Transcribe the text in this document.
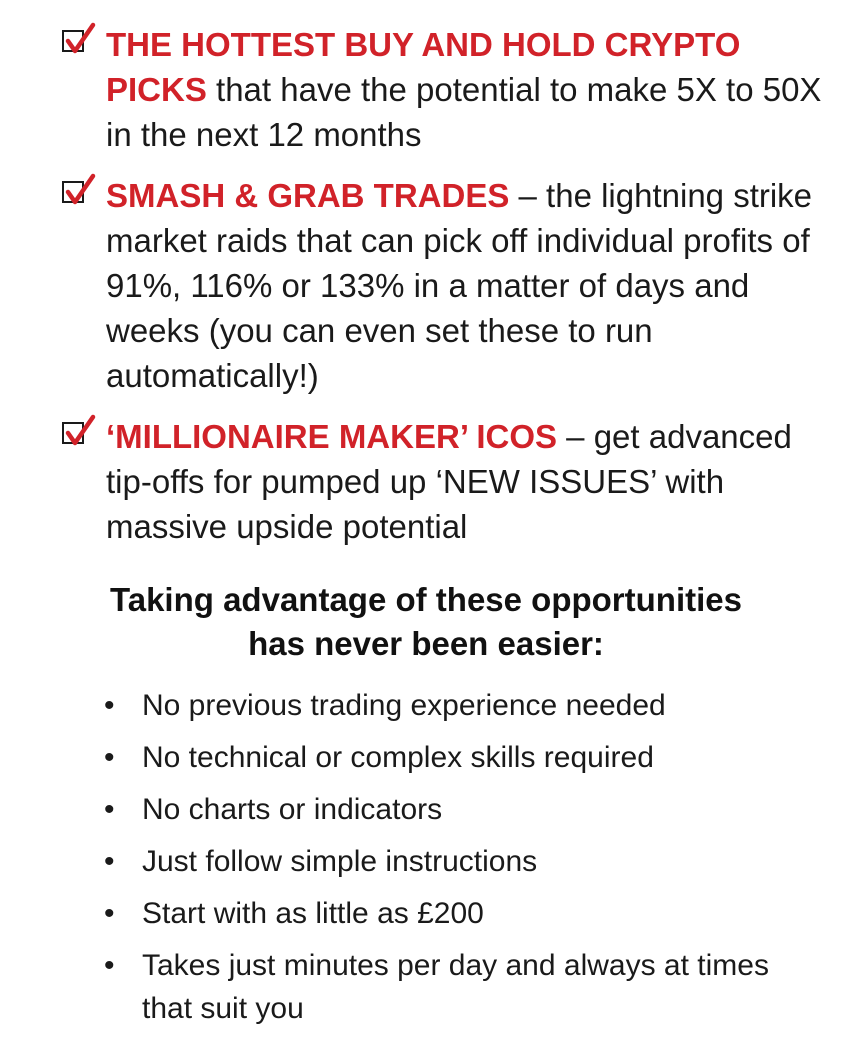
THE HOTTEST BUY AND HOLD CRYPTO PICKS that have the potential to make 5X to 50X in the next 12 months
SMASH & GRAB TRADES – the lightning strike market raids that can pick off individual profits of 91%, 116% or 133% in a matter of days and weeks (you can even set these to run automatically!)
‘MILLIONAIRE MAKER’ ICOS – get advanced tip-offs for pumped up ‘NEW ISSUES’ with massive upside potential
Taking advantage of these opportunities
has never been easier:
• No previous trading experience needed
• No technical or complex skills required
• No charts or indicators
• Just follow simple instructions
• Start with as little as £200
• Takes just minutes per day and always at times that suit you
